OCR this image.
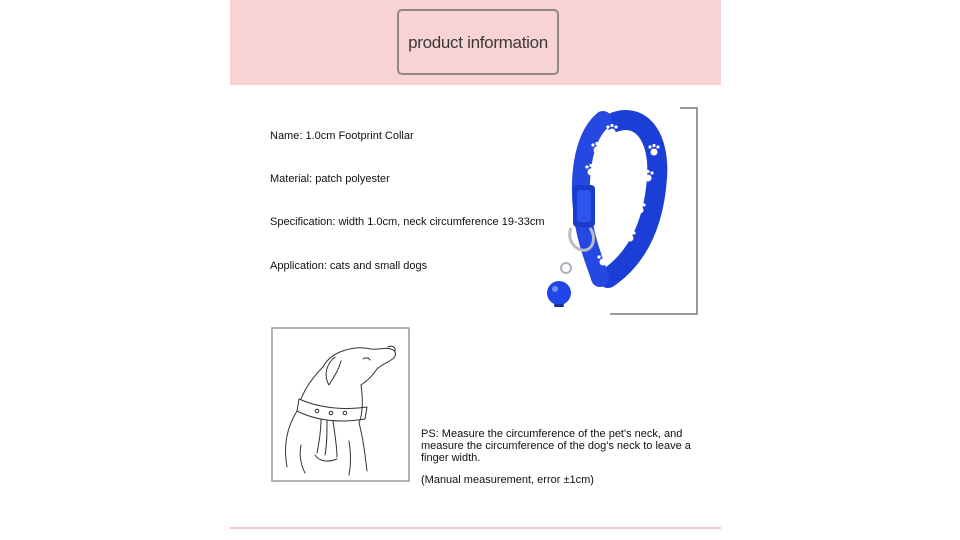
product information
Name: 1.0cm Footprint Collar
Material: patch polyester
Specification: width 1.0cm, neck circumference 19-33cm
Application: cats and small dogs
PS: Measure the circumference of the pet's neck, and measure the circumference of the dog's neck to leave a finger width.
(Manual measurement, error ±1cm)
